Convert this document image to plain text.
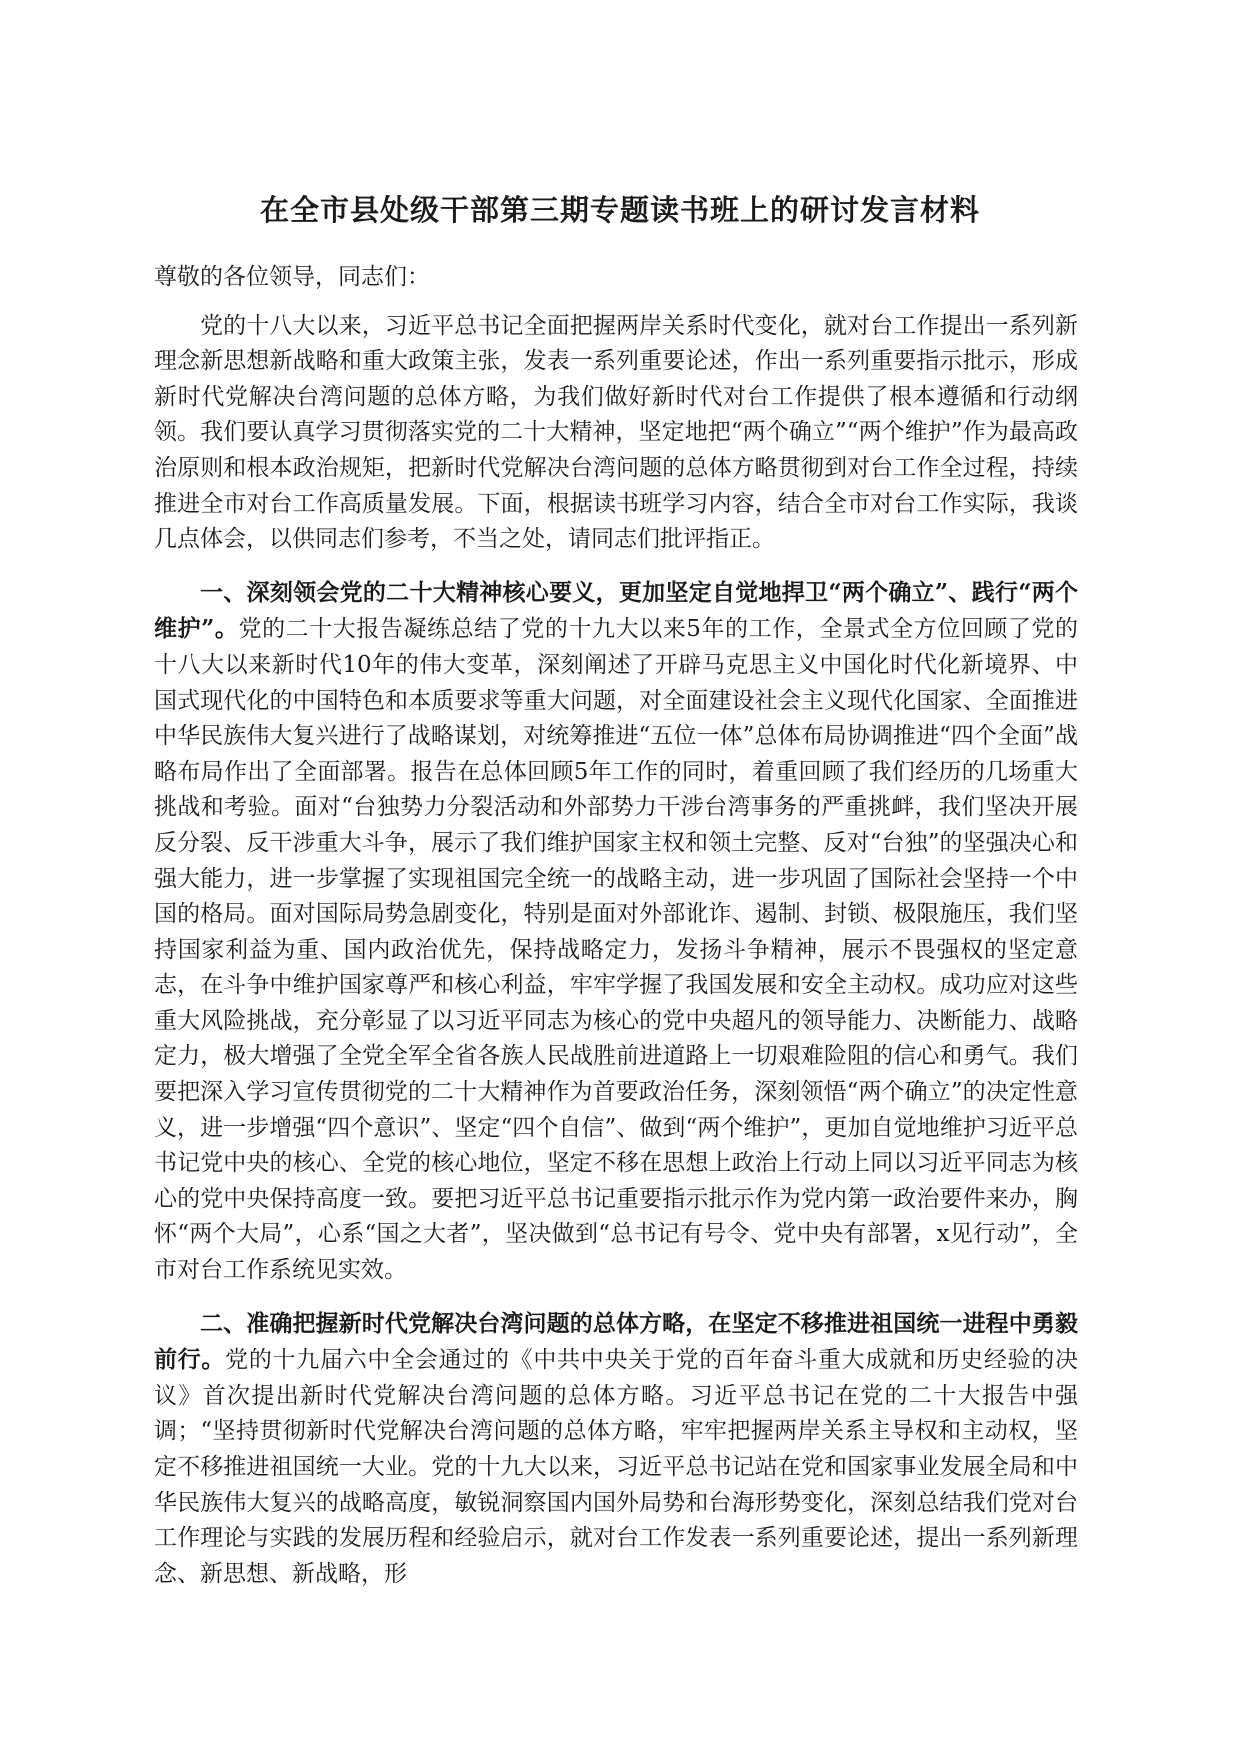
在全市县处级干部第三期专题读书班上的研讨发言材料

尊敬的各位领导，同志们：

党的十八大以来，习近平总书记全面把握两岸关系时代变化，就对台工作提出一系列新理念新思想新战略和重大政策主张，发表一系列重要论述，作出一系列重要指示批示，形成新时代党解决台湾问题的总体方略，为我们做好新时代对台工作提供了根本遵循和行动纲领。我们要认真学习贯彻落实党的二十大精神，坚定地把“两个确立”“两个维护”作为最高政治原则和根本政治规矩，把新时代党解决台湾问题的总体方略贯彻到对台工作全过程，持续推进全市对台工作高质量发展。下面，根据读书班学习内容，结合全市对台工作实际，我谈几点体会，以供同志们参考，不当之处，请同志们批评指正。

一、深刻领会党的二十大精神核心要义，更加坚定自觉地捍卫“两个确立”、践行“两个维护”。党的二十大报告凝练总结了党的十九大以来5年的工作，全景式全方位回顾了党的十八大以来新时代10年的伟大变革，深刻阐述了开辟马克思主义中国化时代化新境界、中国式现代化的中国特色和本质要求等重大问题，对全面建设社会主义现代化国家、全面推进中华民族伟大复兴进行了战略谋划，对统筹推进“五位一体”总体布局协调推进“四个全面”战略布局作出了全面部署。报告在总体回顾5年工作的同时，着重回顾了我们经历的几场重大挑战和考验。面对“台独势力分裂活动和外部势力干涉台湾事务的严重挑衅，我们坚决开展反分裂、反干涉重大斗争，展示了我们维护国家主权和领土完整、反对“台独”的坚强决心和强大能力，进一步掌握了实现祖国完全统一的战略主动，进一步巩固了国际社会坚持一个中国的格局。面对国际局势急剧变化，特别是面对外部讹诈、遏制、封锁、极限施压，我们坚持国家利益为重、国内政治优先，保持战略定力，发扬斗争精神，展示不畏强权的坚定意志，在斗争中维护国家尊严和核心利益，牢牢学握了我国发展和安全主动权。成功应对这些重大风险挑战，充分彰显了以习近平同志为核心的党中央超凡的领导能力、决断能力、战略定力，极大增强了全党全军全省各族人民战胜前进道路上一切艰难险阻的信心和勇气。我们要把深入学习宣传贯彻党的二十大精神作为首要政治任务，深刻领悟“两个确立”的决定性意义，进一步增强“四个意识”、坚定“四个自信”、做到“两个维护”，更加自觉地维护习近平总书记党中央的核心、全党的核心地位，坚定不移在思想上政治上行动上同以习近平同志为核心的党中央保持高度一致。要把习近平总书记重要指示批示作为党内第一政治要件来办，胸怀“两个大局”，心系“国之大者”，坚决做到“总书记有号令、党中央有部署，x见行动”，全市对台工作系统见实效。

二、准确把握新时代党解决台湾问题的总体方略，在坚定不移推进祖国统一进程中勇毅前行。党的十九届六中全会通过的《中共中央关于党的百年奋斗重大成就和历史经验的决议》首次提出新时代党解决台湾问题的总体方略。习近平总书记在党的二十大报告中强调；“坚持贯彻新时代党解决台湾问题的总体方略，牢牢把握两岸关系主导权和主动权，坚定不移推进祖国统一大业。党的十九大以来，习近平总书记站在党和国家事业发展全局和中华民族伟大复兴的战略高度，敏锐洞察国内国外局势和台海形势变化，深刻总结我们党对台工作理论与实践的发展历程和经验启示，就对台工作发表一系列重要论述，提出一系列新理念、新思想、新战略，形
